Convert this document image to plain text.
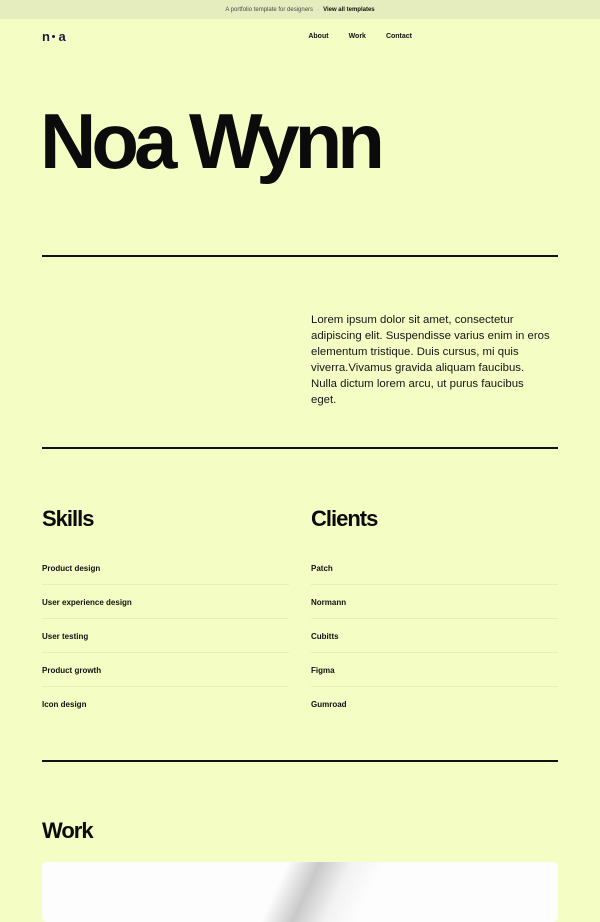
A portfolio template for designers · View all templates
n a	About	Work	Contact
Noa Wynn

Lorem ipsum dolor sit amet, consectetur adipiscing elit. Suspendisse varius enim in eros elementum tristique. Duis cursus, mi quis viverra.Vivamus gravida aliquam faucibus. Nulla dictum lorem arcu, ut purus faucibus eget.

Skills
Product design
User experience design
User testing
Product growth
Icon design
Clients
Patch
Normann
Cubitts
Figma
Gumroad
Work
